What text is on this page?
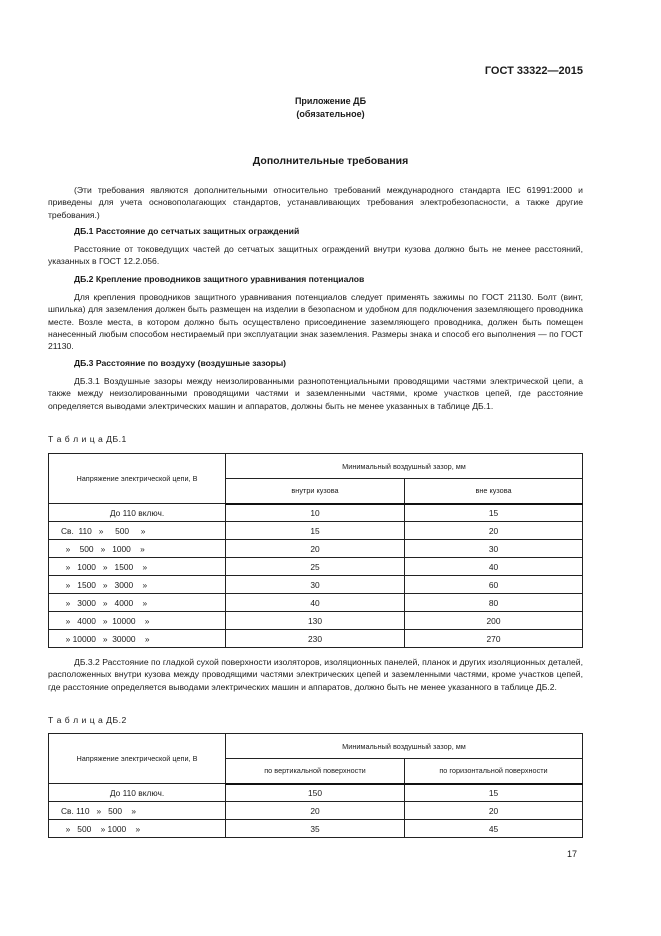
ГОСТ 33322—2015
Приложение ДБ
(обязательное)
Дополнительные требования
(Эти требования являются дополнительными относительно требований международного стандарта IEC 61991:2000 и приведены для учета основополагающих стандартов, устанавливающих требования электробезопасности, а также другие требования.)
ДБ.1 Расстояние до сетчатых защитных ограждений
Расстояние от токоведущих частей до сетчатых защитных ограждений внутри кузова должно быть не менее расстояний, указанных в ГОСТ 12.2.056.
ДБ.2 Крепление проводников защитного уравнивания потенциалов
Для крепления проводников защитного уравнивания потенциалов следует применять зажимы по ГОСТ 21130. Болт (винт, шпилька) для заземления должен быть размещен на изделии в безопасном и удобном для подключения заземляющего проводника месте. Возле места, в котором должно быть осуществлено присоединение заземляющего проводника, должен быть помещен нанесенный любым способом нестираемый при эксплуатации знак заземления. Размеры знака и способ его выполнения — по ГОСТ 21130.
ДБ.3 Расстояние по воздуху (воздушные зазоры)
ДБ.3.1 Воздушные зазоры между неизолированными разнопотенциальными проводящими частями электрической цепи, а также между неизолированными проводящими частями и заземленными частями, кроме участков цепей, где расстояние определяется выводами электрических машин и аппаратов, должны быть не менее указанных в таблице ДБ.1.
Т а б л и ц а ДБ.1
Напряжение электрической цепи, В	Минимальный воздушный зазор, мм	
	внутри кузова	вне кузова
До 110 включ.	10	15
Св.  110   »     500     »	15	20
»    500   »   1000    »	20	30
»   1000   »   1500    »	25	40
»   1500   »   3000    »	30	60
»   3000   »   4000    »	40	80
»   4000   »  10000    »	130	200
» 10000   »  30000    »	230	270
ДБ.3.2 Расстояние по гладкой сухой поверхности изоляторов, изоляционных панелей, планок и других изоляционных деталей, расположенных внутри кузова между проводящими частями электрических цепей и заземленными частями, кроме участков цепей, где расстояние определяется выводами электрических машин и аппаратов, должно быть не менее указанного в таблице ДБ.2.
Т а б л и ц а ДБ.2
Напряжение электрической цепи, В	Минимальный воздушный зазор, мм	
	по вертикальной поверхности	по горизонтальной поверхности
До 110 включ.	150	15
Св. 110   »   500    »	20	20
»   500    » 1000    »	35	45
17
